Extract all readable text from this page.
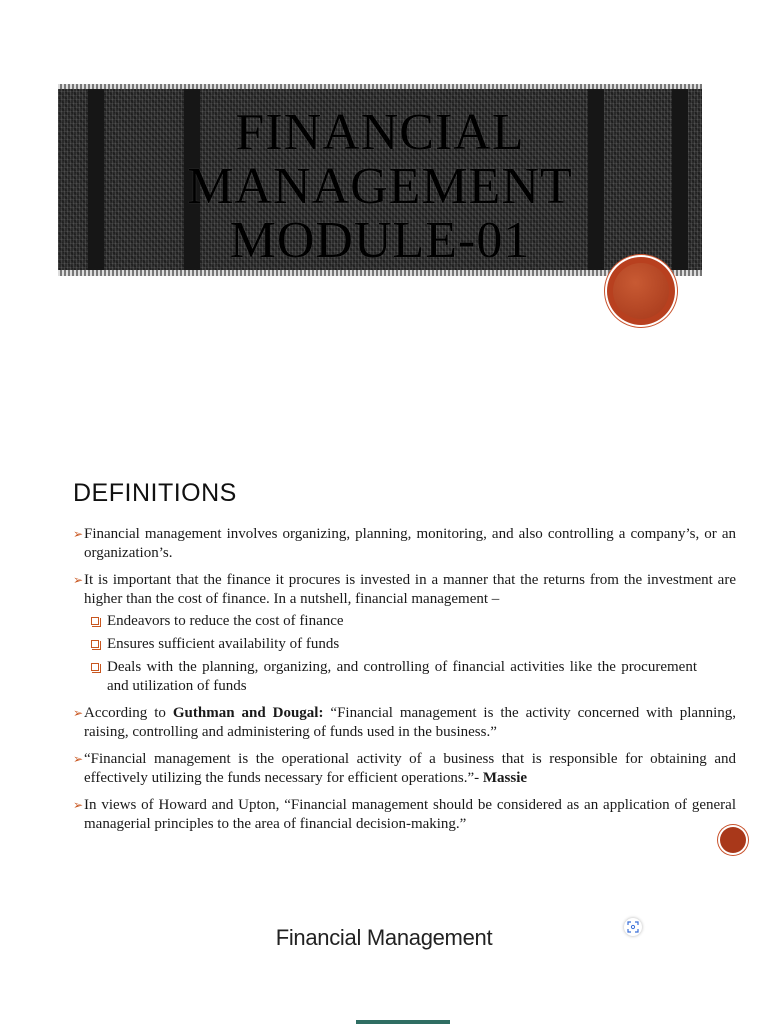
FINANCIAL
MANAGEMENT
MODULE-01
DEFINITIONS
➢ Financial management involves organizing, planning, monitoring, and also controlling a company’s, or an organization’s.
➢ It is important that the finance it procures is invested in a manner that the returns from the investment are higher than the cost of finance. In a nutshell, financial management –
Endeavors to reduce the cost of finance
Ensures sufficient availability of funds
Deals with the planning, organizing, and controlling of financial activities like the procurement and utilization of funds
➢ According to Guthman and Dougal: “Financial management is the activity concerned with planning, raising, controlling and administering of funds used in the business.”
➢ “Financial management is the operational activity of a business that is responsible for obtaining and effectively utilizing the funds necessary for efficient operations.”- Massie
➢ In views of Howard and Upton, “Financial management should be considered as an application of general managerial principles to the area of financial decision-making.”
Financial Management
